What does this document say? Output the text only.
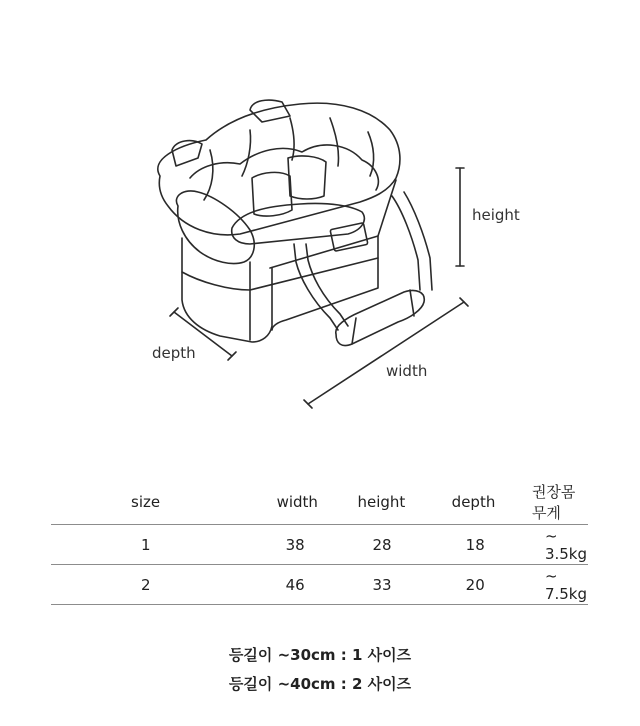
height
depth
width
size	width	height	depth	권장몸무게
1	38	28	18	~ 3.5kg
2	46	33	20	~ 7.5kg
등길이 ~30cm : 1 사이즈
등길이 ~40cm : 2 사이즈
